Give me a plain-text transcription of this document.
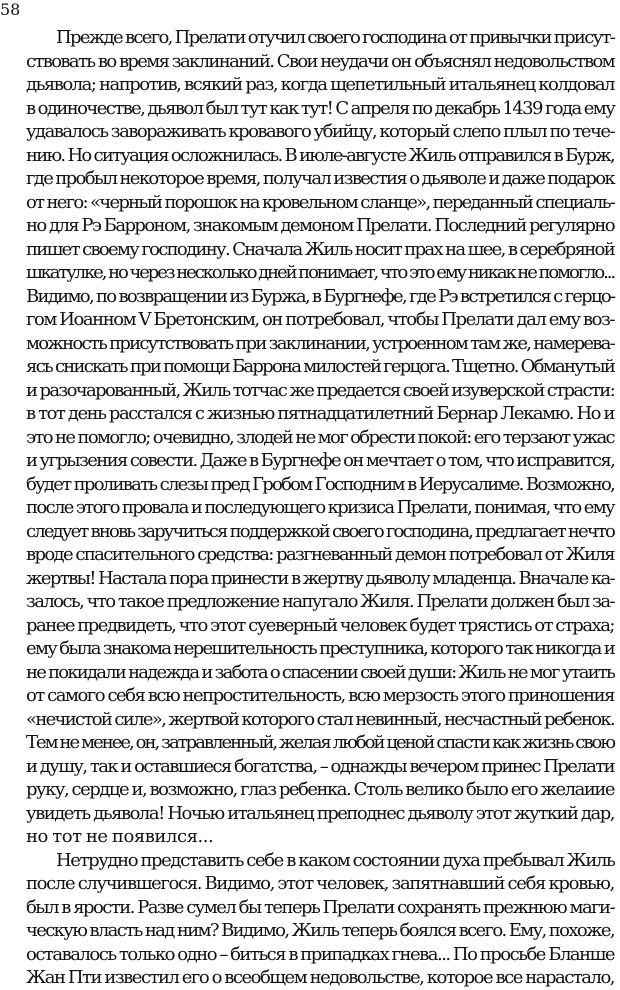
58
Прежде всего, Прелати отучил своего господина от привычки присут-
ствовать во время заклинаний. Свои неудачи он объяснял недовольством
дьявола; напротив, всякий раз, когда щепетильный итальянец колдовал
в одиночестве, дьявол был тут как тут! С апреля по декабрь 1439 года ему
удавалось завораживать кровавого убийцу, который слепо плыл по тече-
нию. Но ситуация осложнилась. В июле-августе Жиль отправился в Бурж,
где пробыл некоторое время, получал известия о дьяволе и даже подарок
от него: «черный порошок на кровельном сланце», переданный специаль-
но для Рэ Барроном, знакомым демоном Прелати. Последний регулярно
пишет своему господину. Сначала Жиль носит прах на шее, в серебряной
шкатулке, но через несколько дней понимает, что это ему никак не помогло...
Видимо, по возвращении из Буржа, в Бургнефе, где Рэ встретился с герцо-
гом Иоанном V Бретонским, он потребовал, чтобы Прелати дал ему воз-
можность присутствовать при заклинании, устроенном там же, намерева-
ясь снискать при помощи Баррона милостей герцога. Тщетно. Обманутый
и разочарованный, Жиль тотчас же предается своей изуверской страсти:
в тот день расстался с жизнью пятнадцатилетний Бернар Лекамю. Но и
это не помогло; очевидно, злодей не мог обрести покой: его терзают ужас
и угрызения совести. Даже в Бургнефе он мечтает о том, что исправится,
будет проливать слезы пред Гробом Господним в Иерусалиме. Возможно,
после этого провала и последующего кризиса Прелати, понимая, что ему
следует вновь заручиться поддержкой своего господина, предлагает нечто
вроде спасительного средства: разгневанный демон потребовал от Жиля
жертвы! Настала пора принести в жертву дьяволу младенца. Вначале ка-
залось, что такое предложение напугало Жиля. Прелати должен был за-
ранее предвидеть, что этот суеверный человек будет трястись от страха;
ему была знакома нерешительность преступника, которого так никогда и
не покидали надежда и забота о спасении своей души: Жиль не мог утаить
от самого себя всю непростительность, всю мерзость этого приношения
«нечистой силе», жертвой которого стал невинный, несчастный ребенок.
Тем не менее, он, затравленный, желая любой ценой спасти как жизнь свою
и душу, так и оставшиеся богатства, – однажды вечером принес Прелати
руку, сердце и, возможно, глаз ребенка. Столь велико было его желаиие
увидеть дьявола! Ночью итальянец преподнес дьяволу этот жуткий дар,
но тот не появился...
Нетрудно представить себе в каком состоянии духа пребывал Жиль
после случившегося. Видимо, этот человек, запятнавший себя кровью,
был в ярости. Разве сумел бы теперь Прелати сохранять прежнюю маги-
ческую власть над ним? Видимо, Жиль теперь боялся всего. Ему, похоже,
оставалось только одно – биться в припадках гнева... По просьбе Бланше
Жан Пти известил его о всеобщем недовольстве, которое все нарастало,
